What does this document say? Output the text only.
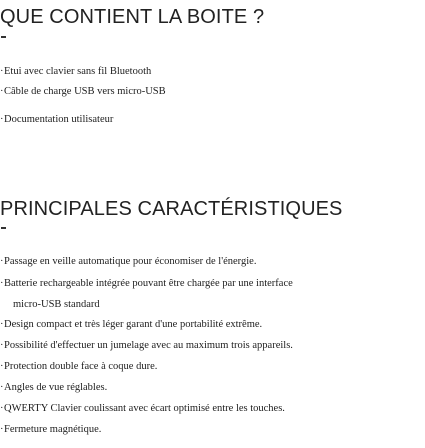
QUE CONTIENT LA BOITE ?
·Etui avec clavier sans fil Bluetooth
·Câble de charge USB vers micro-USB
·Documentation utilisateur
PRINCIPALES CARACTÉRISTIQUES
·Passage en veille automatique pour économiser de l'énergie.
·Batterie rechargeable intégrée pouvant être chargée par une interface
micro-USB standard
·Design compact et très léger garant d'une portabilité extrême.
·Possibilité d'effectuer un jumelage avec au maximum trois appareils.
·Protection double face à coque dure.
·Angles de vue réglables.
·QWERTY Clavier coulissant avec écart optimisé entre les touches.
·Fermeture magnétique.
